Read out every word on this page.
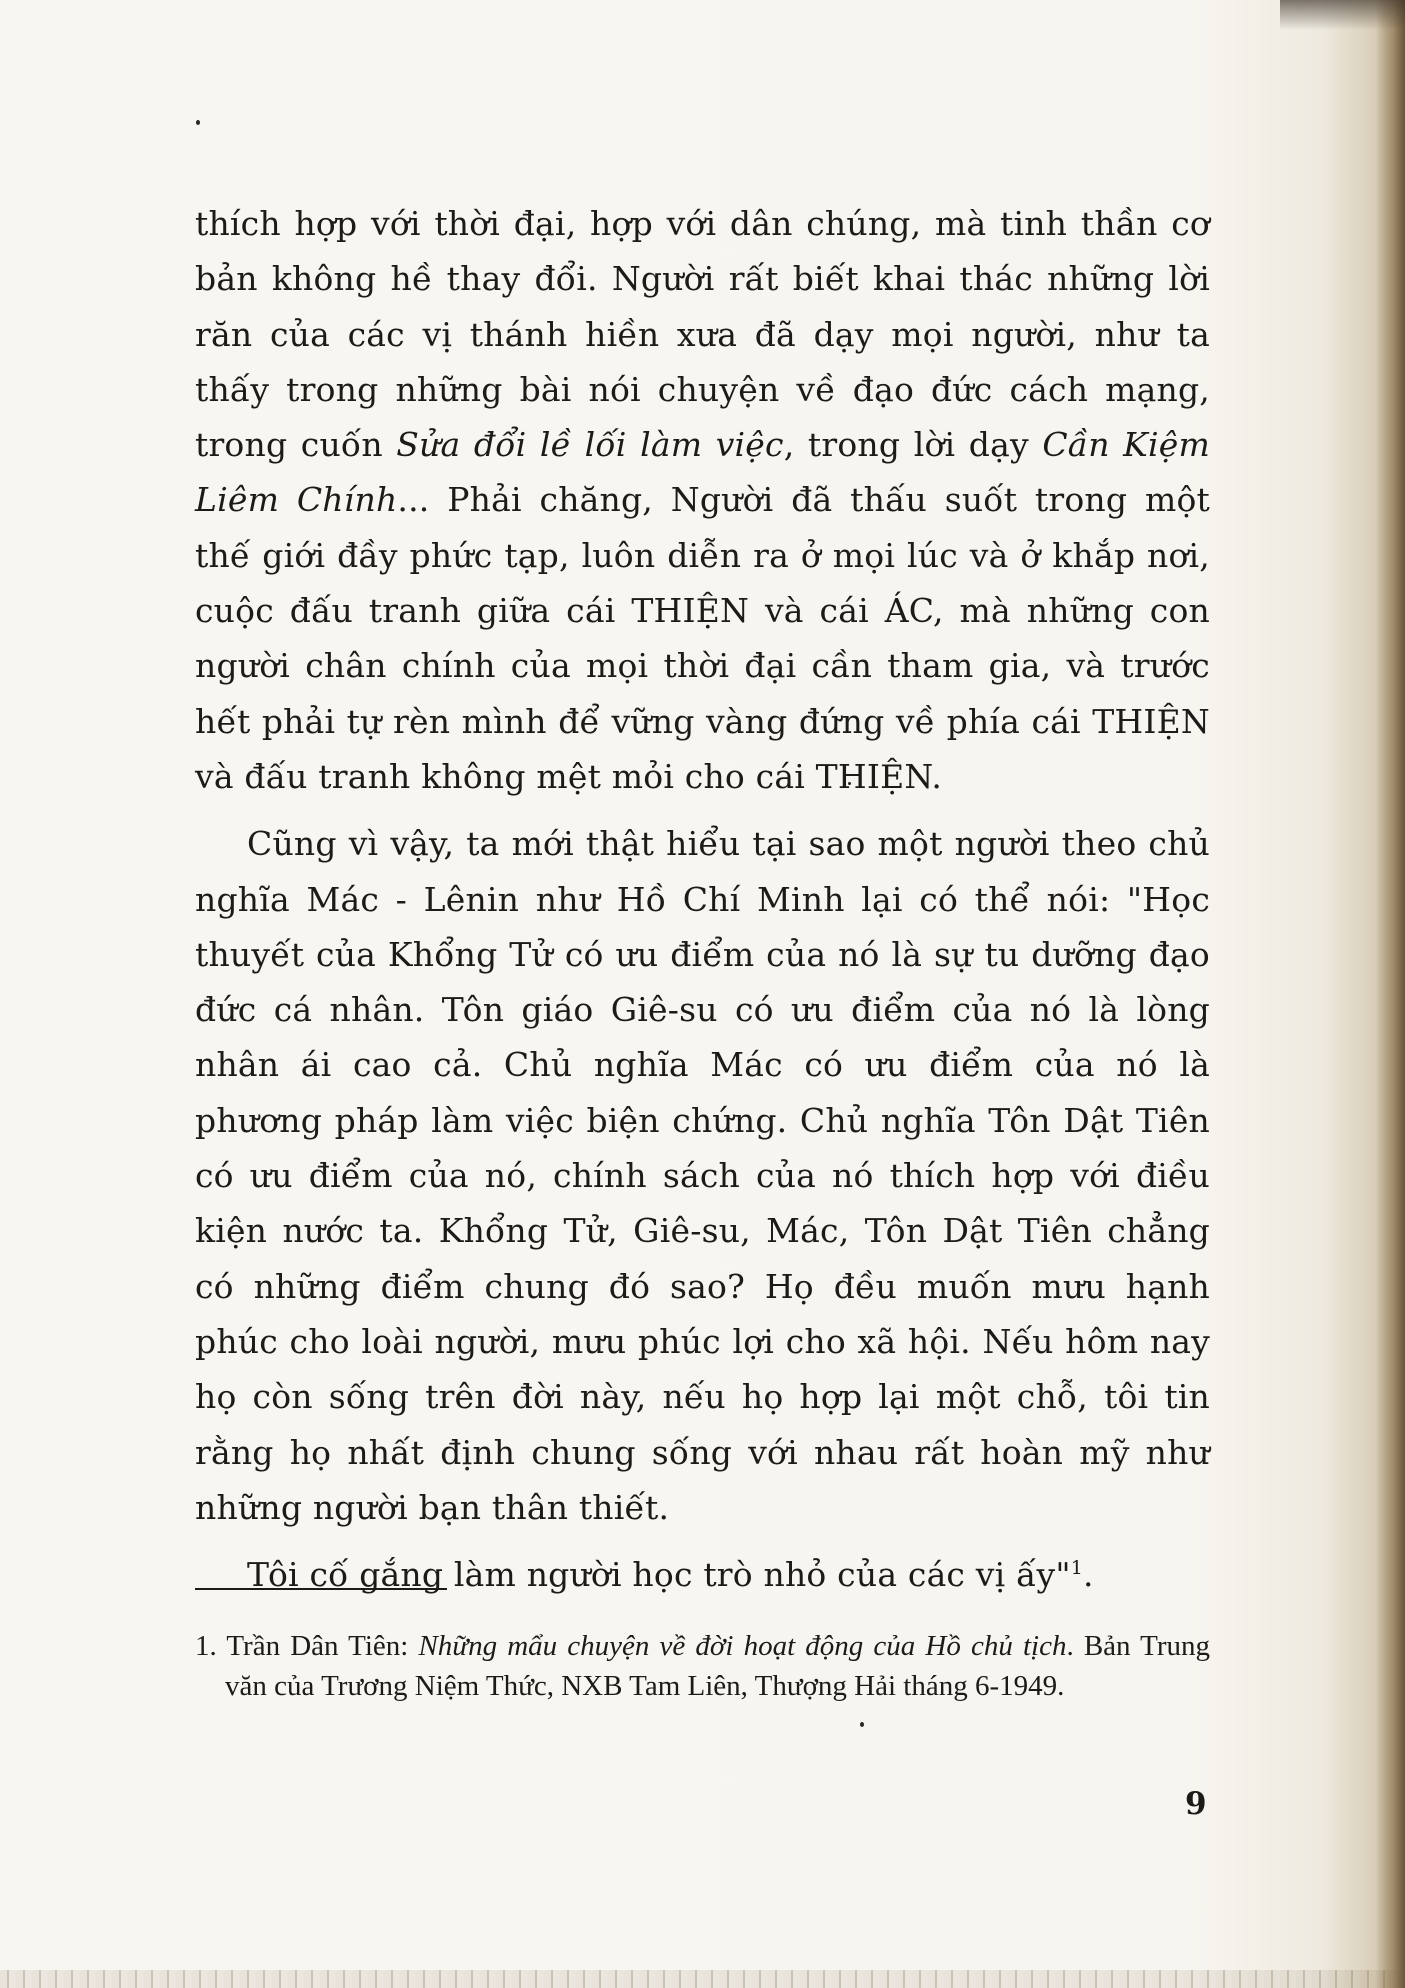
thích hợp với thời đại, hợp với dân chúng, mà tinh thần cơ bản không hề thay đổi. Người rất biết khai thác những lời răn của các vị thánh hiền xưa đã dạy mọi người, như ta thấy trong những bài nói chuyện về đạo đức cách mạng, trong cuốn Sửa đổi lề lối làm việc, trong lời dạy Cần Kiệm Liêm Chính... Phải chăng, Người đã thấu suốt trong một thế giới đầy phức tạp, luôn diễn ra ở mọi lúc và ở khắp nơi, cuộc đấu tranh giữa cái THIỆN và cái ÁC, mà những con người chân chính của mọi thời đại cần tham gia, và trước hết phải tự rèn mình để vững vàng đứng về phía cái THIỆN và đấu tranh không mệt mỏi cho cái THIỆN.

Cũng vì vậy, ta mới thật hiểu tại sao một người theo chủ nghĩa Mác - Lênin như Hồ Chí Minh lại có thể nói: "Học thuyết của Khổng Tử có ưu điểm của nó là sự tu dưỡng đạo đức cá nhân. Tôn giáo Giê-su có ưu điểm của nó là lòng nhân ái cao cả. Chủ nghĩa Mác có ưu điểm của nó là phương pháp làm việc biện chứng. Chủ nghĩa Tôn Dật Tiên có ưu điểm của nó, chính sách của nó thích hợp với điều kiện nước ta. Khổng Tử, Giê-su, Mác, Tôn Dật Tiên chẳng có những điểm chung đó sao? Họ đều muốn mưu hạnh phúc cho loài người, mưu phúc lợi cho xã hội. Nếu hôm nay họ còn sống trên đời này, nếu họ hợp lại một chỗ, tôi tin rằng họ nhất định chung sống với nhau rất hoàn mỹ như những người bạn thân thiết.

Tôi cố gắng làm người học trò nhỏ của các vị ấy"$^1$.

1. Trần Dân Tiên: Những mẩu chuyện về đời hoạt động của Hồ chủ tịch. Bản Trung văn của Trương Niệm Thức, NXB Tam Liên, Thượng Hải tháng 6-1949.
9
